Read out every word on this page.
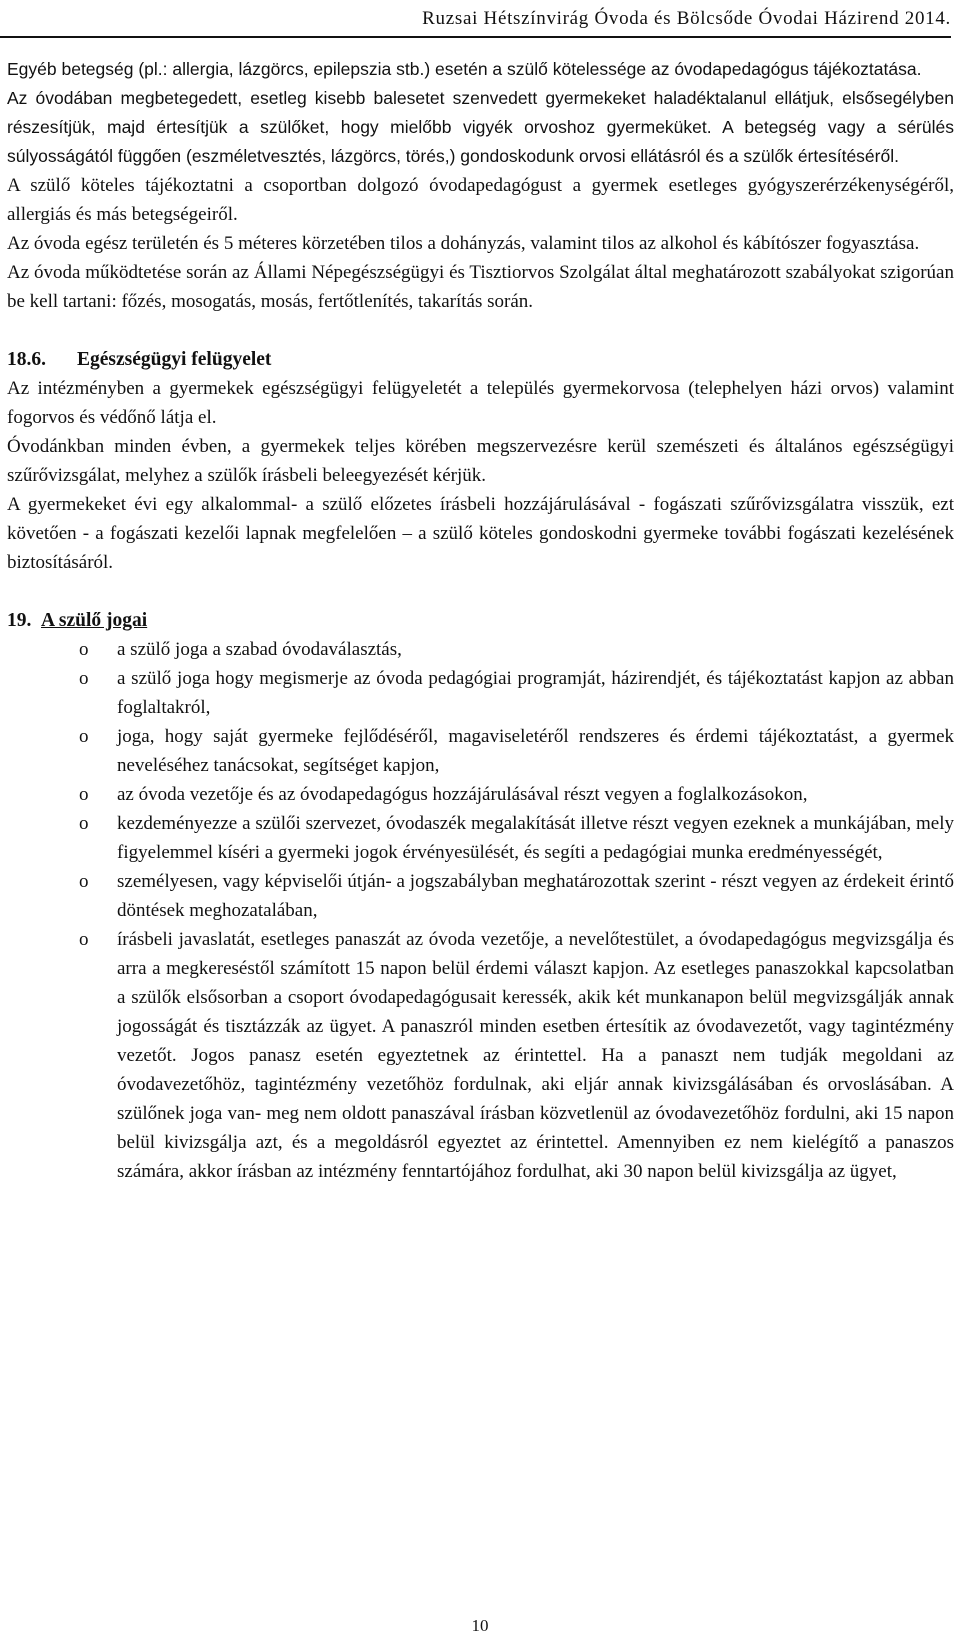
Ruzsai Hétszínvirág Óvoda és Bölcsőde Óvodai Házirend 2014.

Egyéb betegség (pl.: allergia, lázgörcs, epilepszia stb.) esetén a szülő kötelessége az óvodapedagógus tájékoztatása.

Az óvodában megbetegedett, esetleg kisebb balesetet szenvedett gyermekeket haladéktalanul ellátjuk, elsősegélyben részesítjük, majd értesítjük a szülőket, hogy mielőbb vigyék orvoshoz gyermeküket. A betegség vagy a sérülés súlyosságától függően (eszméletvesztés, lázgörcs, törés,) gondoskodunk orvosi ellátásról és a szülők értesítéséről.

A szülő köteles tájékoztatni a csoportban dolgozó óvodapedagógust a gyermek esetleges gyógyszerérzékenységéről, allergiás és más betegségeiről.

Az óvoda egész területén és 5 méteres körzetében tilos a dohányzás, valamint tilos az alkohol és kábítószer fogyasztása.

Az óvoda működtetése során az Állami Népegészségügyi és Tisztiorvos Szolgálat által meghatározott szabályokat szigorúan be kell tartani: főzés, mosogatás, mosás, fertőtlenítés, takarítás során.

18.6. Egészségügyi felügyelet

Az intézményben a gyermekek egészségügyi felügyeletét a település gyermekorvosa (telephelyen házi orvos) valamint fogorvos és védőnő látja el.

Óvodánkban minden évben, a gyermekek teljes körében megszervezésre kerül szemészeti és általános egészségügyi szűrővizsgálat, melyhez a szülők írásbeli beleegyezését kérjük.

A gyermekeket évi egy alkalommal- a szülő előzetes írásbeli hozzájárulásával - fogászati szűrővizsgálatra visszük, ezt követően - a fogászati kezelői lapnak megfelelően – a szülő köteles gondoskodni gyermeke további fogászati kezelésének biztosításáról.

19. A szülő jogai
o a szülő joga a szabad óvodaválasztás,
o a szülő joga hogy megismerje az óvoda pedagógiai programját, házirendjét, és tájékoztatást kapjon az abban foglaltakról,
o joga, hogy saját gyermeke fejlődéséről, magaviseletéről rendszeres és érdemi tájékoztatást, a gyermek neveléséhez tanácsokat, segítséget kapjon,
o az óvoda vezetője és az óvodapedagógus hozzájárulásával részt vegyen a foglalkozásokon,
o kezdeményezze a szülői szervezet, óvodaszék megalakítását illetve részt vegyen ezeknek a munkájában, mely figyelemmel kíséri a gyermeki jogok érvényesülését, és segíti a pedagógiai munka eredményességét,
o személyesen, vagy képviselői útján- a jogszabályban meghatározottak szerint - részt vegyen az érdekeit érintő döntések meghozatalában,
o írásbeli javaslatát, esetleges panaszát az óvoda vezetője, a nevelőtestület, a óvodapedagógus megvizsgálja és arra a megkereséstől számított 15 napon belül érdemi választ kapjon. Az esetleges panaszokkal kapcsolatban a szülők elsősorban a csoport óvodapedagógusait keressék, akik két munkanapon belül megvizsgálják annak jogosságát és tisztázzák az ügyet. A panaszról minden esetben értesítik az óvodavezetőt, vagy tagintézmény vezetőt. Jogos panasz esetén egyeztetnek az érintettel. Ha a panaszt nem tudják megoldani az óvodavezetőhöz, tagintézmény vezetőhöz fordulnak, aki eljár annak kivizsgálásában és orvoslásában. A szülőnek joga van- meg nem oldott panaszával írásban közvetlenül az óvodavezetőhöz fordulni, aki 15 napon belül kivizsgálja azt, és a megoldásról egyeztet az érintettel. Amennyiben ez nem kielégítő a panaszos számára, akkor írásban az intézmény fenntartójához fordulhat, aki 30 napon belül kivizsgálja az ügyet,
10
